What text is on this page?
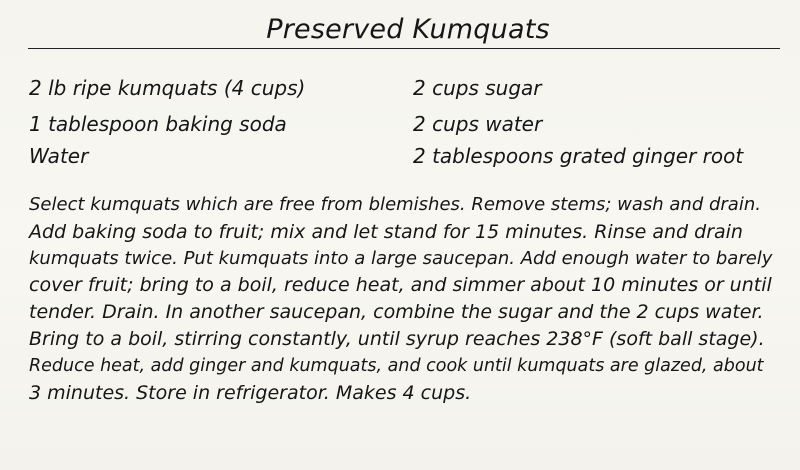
Preserved Kumquats
2 lb ripe kumquats (4 cups)
1 tablespoon baking soda
Water
2 cups sugar
2 cups water
2 tablespoons grated ginger root
Select kumquats which are free from blemishes. Remove stems; wash and drain.
Add baking soda to fruit; mix and let stand for 15 minutes. Rinse and drain
kumquats twice. Put kumquats into a large saucepan. Add enough water to barely
cover fruit; bring to a boil, reduce heat, and simmer about 10 minutes or until
tender. Drain. In another saucepan, combine the sugar and the 2 cups water.
Bring to a boil, stirring constantly, until syrup reaches 238°F (soft ball stage).
Reduce heat, add ginger and kumquats, and cook until kumquats are glazed, about
3 minutes. Store in refrigerator. Makes 4 cups.
